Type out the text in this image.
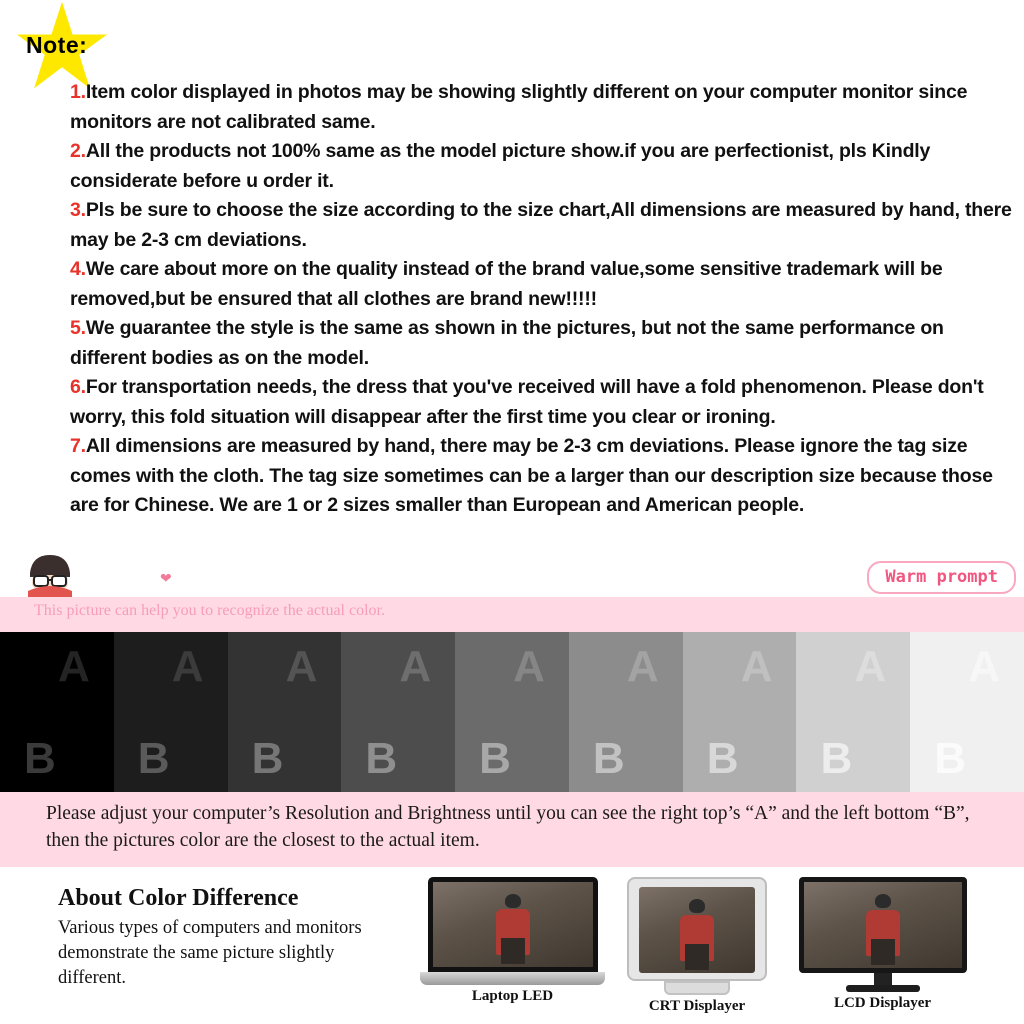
Note:

1.Item color displayed in photos may be showing slightly different on your computer monitor since monitors are not calibrated same.

2.All the products not 100% same as the model picture show.if you are perfectionist, pls Kindly considerate before u order it.

3.Pls be sure to choose the size according to the size chart,All dimensions are measured by hand, there may be 2-3 cm deviations.

4.We care about more on the quality instead of the brand value,some sensitive trademark will be removed,but be ensured that all clothes are brand new!!!!!

5.We guarantee the style is the same as shown in the pictures, but not the same performance on different bodies as on the model.

6.For transportation needs, the dress that you've received will have a fold phenomenon. Please don't worry, this fold situation will disappear after the first time you clear or ironing.

7.All dimensions are measured by hand, there may be 2-3 cm deviations. Please ignore the tag size comes with the cloth. The tag size sometimes can be a larger than our description size because those are for Chinese. We are 1 or 2 sizes smaller than European and American people.

❤	Warm prompt
This picture can help you to recognize the actual color.
A
B
A
B
A
B
A
B
A
B
A
B
A
B
A
B
A
B
Please adjust your computer’s Resolution and Brightness until you can see the right top’s “A” and the left bottom “B”, then the pictures color are the closest to the actual item.
About Color Difference
Various types of computers and monitors demonstrate the same picture slightly different.
Laptop LED
CRT Displayer	LCD Displayer
